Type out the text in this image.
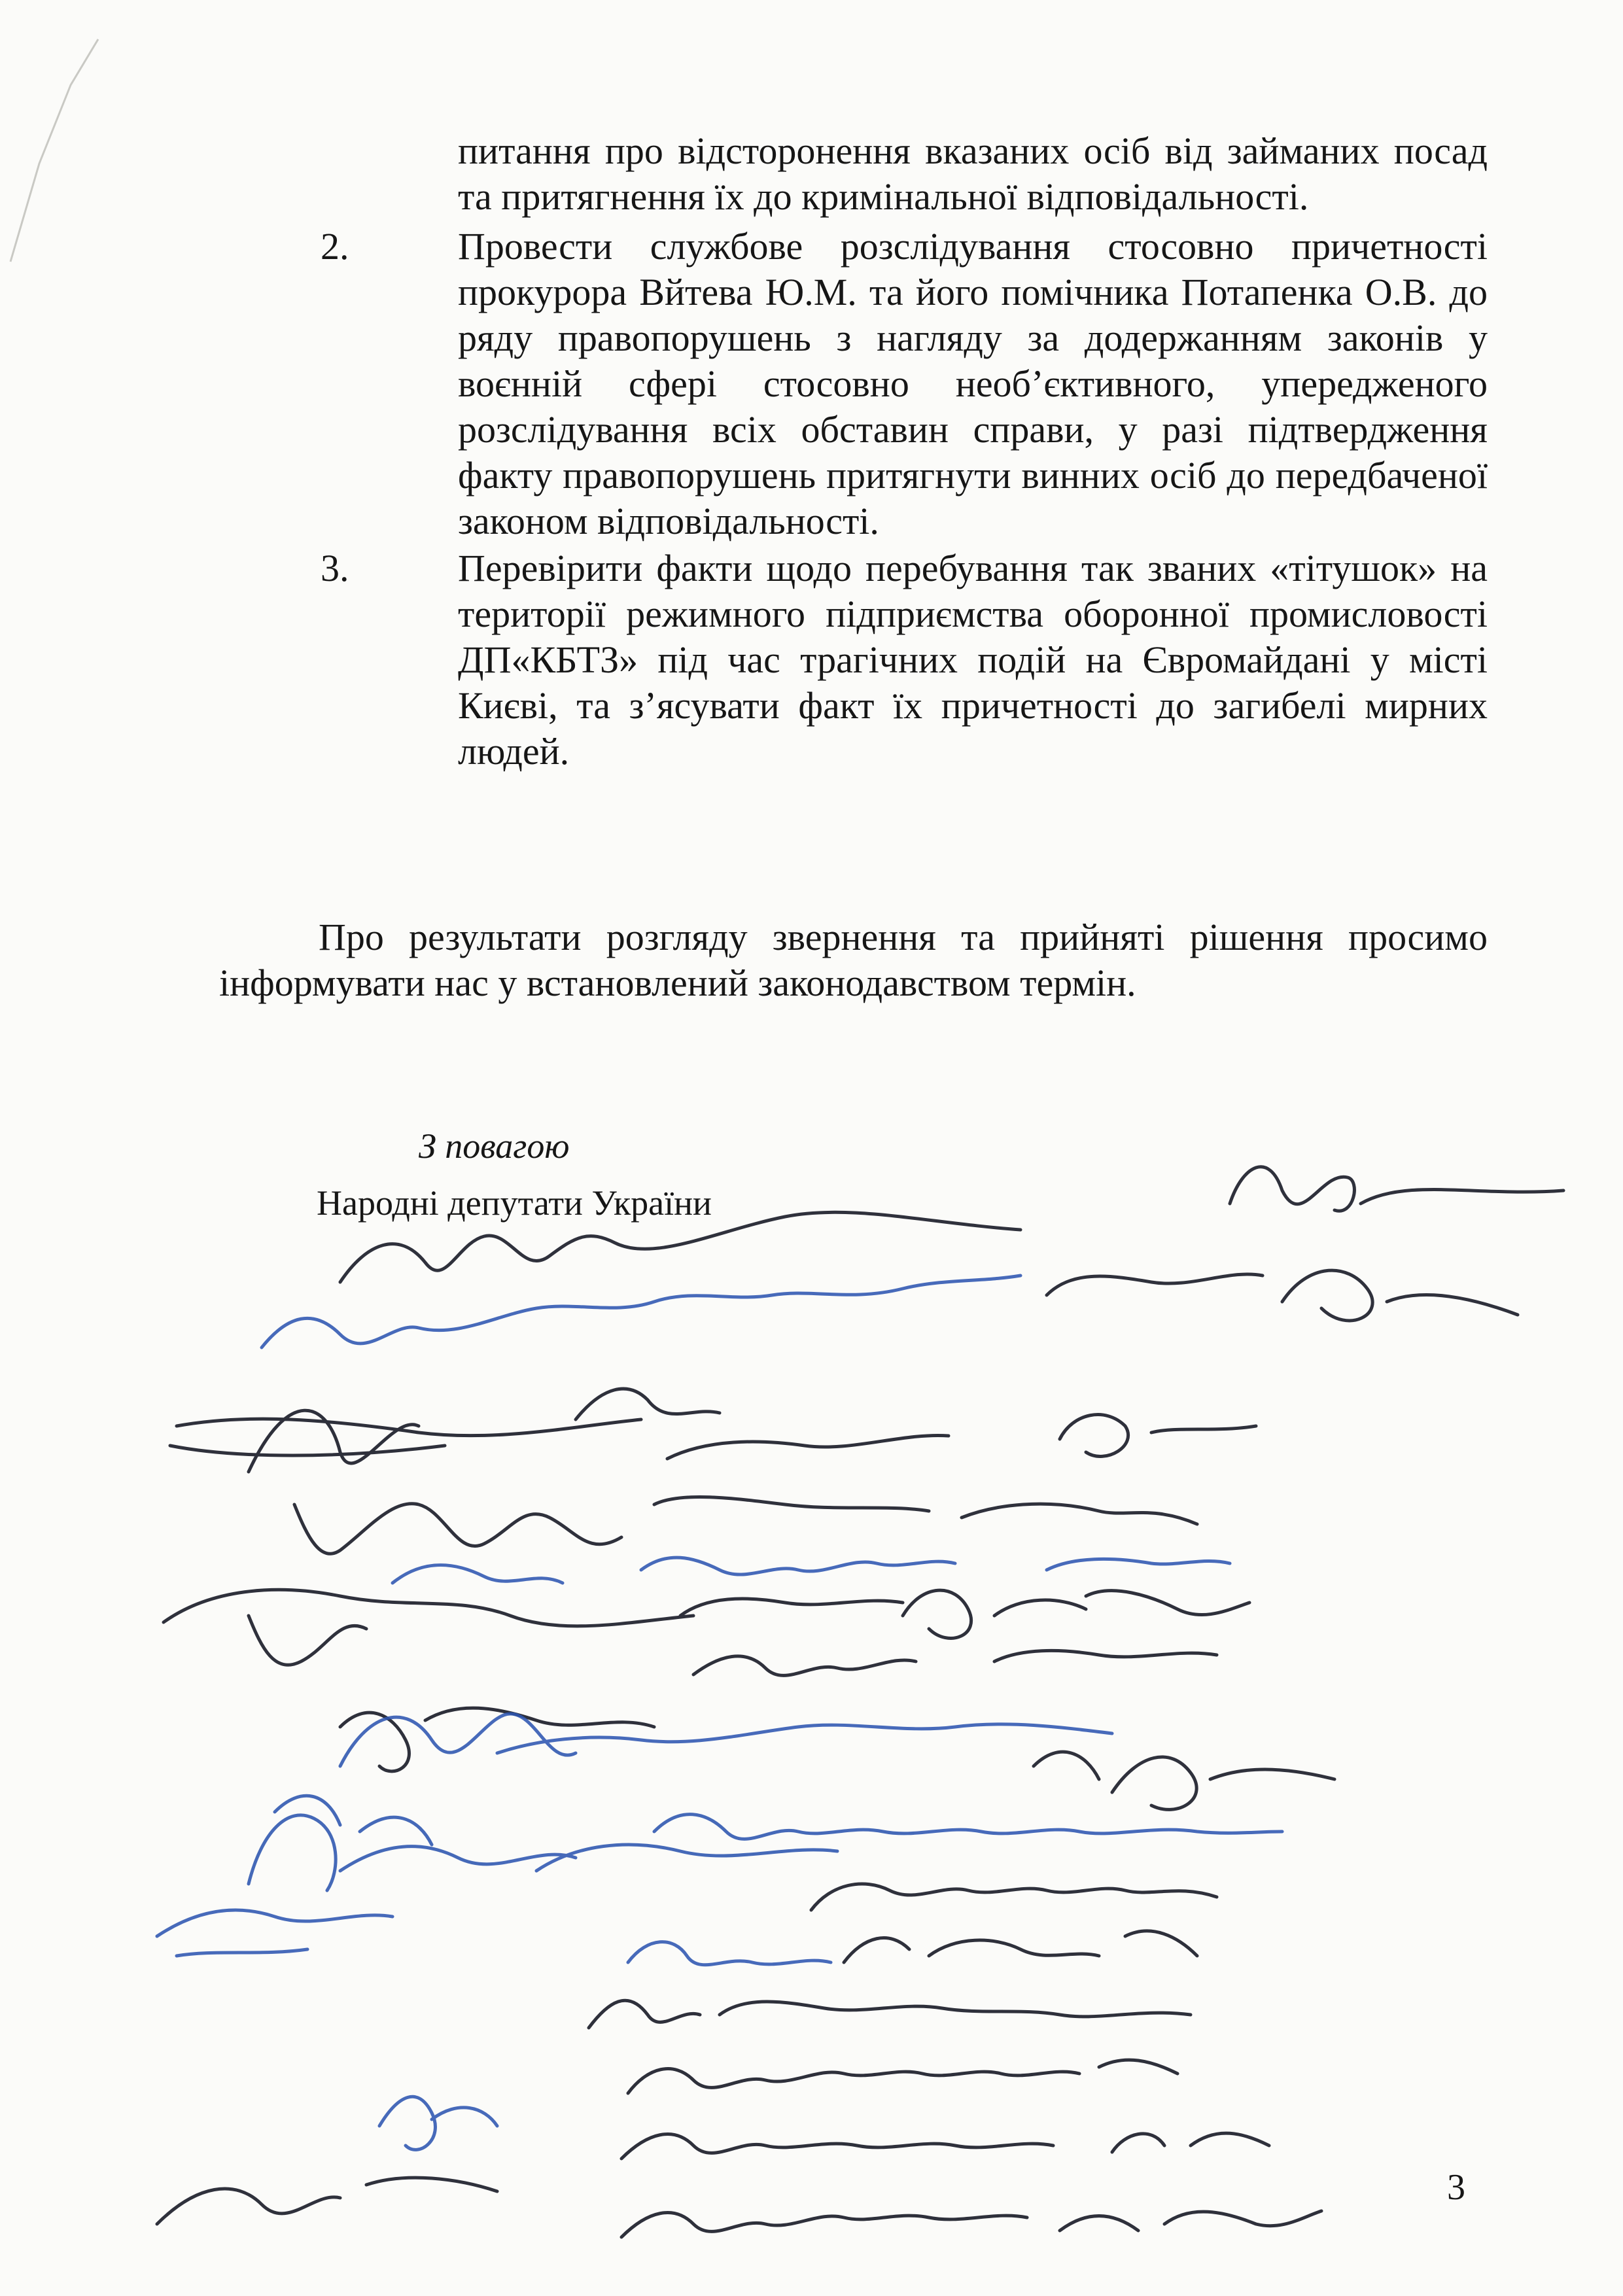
питання про відсторонення вказаних осіб від займаних посад та притягнення їх до кримінальної відповідальності.
2.	Провести службове розслідування стосовно причетності прокурора Вйтева Ю.М. та його помічника Потапенка О.В. до ряду правопорушень з нагляду за додержанням законів у воєнній сфері стосовно необ’єктивного, упередженого розслідування всіх обставин справи, у разі підтвердження факту правопорушень притягнути винних осіб до передбаченої законом відповідальності.
3.	Перевірити факти щодо перебування так званих «тітушок» на території режимного підприємства оборонної промисловості ДП«КБТЗ» під час трагічних подій на Євромайдані у місті Києві, та з’ясувати факт їх причетності до загибелі мирних людей.

Про результати розгляду звернення та прийняті рішення просимо інформувати нас у встановлений законодавством термін.

З повагою
Народні депутати України
3
